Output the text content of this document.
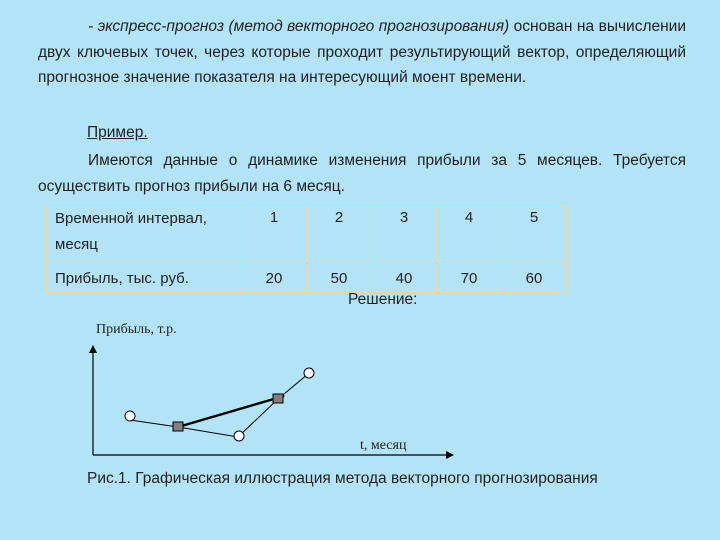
- экспресс-прогноз (метод векторного прогнозирования) основан на вычислении двух ключевых точек, через которые проходит результирующий вектор, определяющий прогнозное значение показателя на интересующий моент времени.
Пример.
Имеются данные о динамике изменения прибыли за 5 месяцев. Требуется осуществить прогноз прибыли на 6 месяц.
Временной интервал, месяц	1	2	3	4	5
Прибыль, тыс. руб.	20	50	40	70	60
Решение:
Прибыль, т.р.
t, месяц
Рис.1. Графическая иллюстрация метода векторного прогнозирования
